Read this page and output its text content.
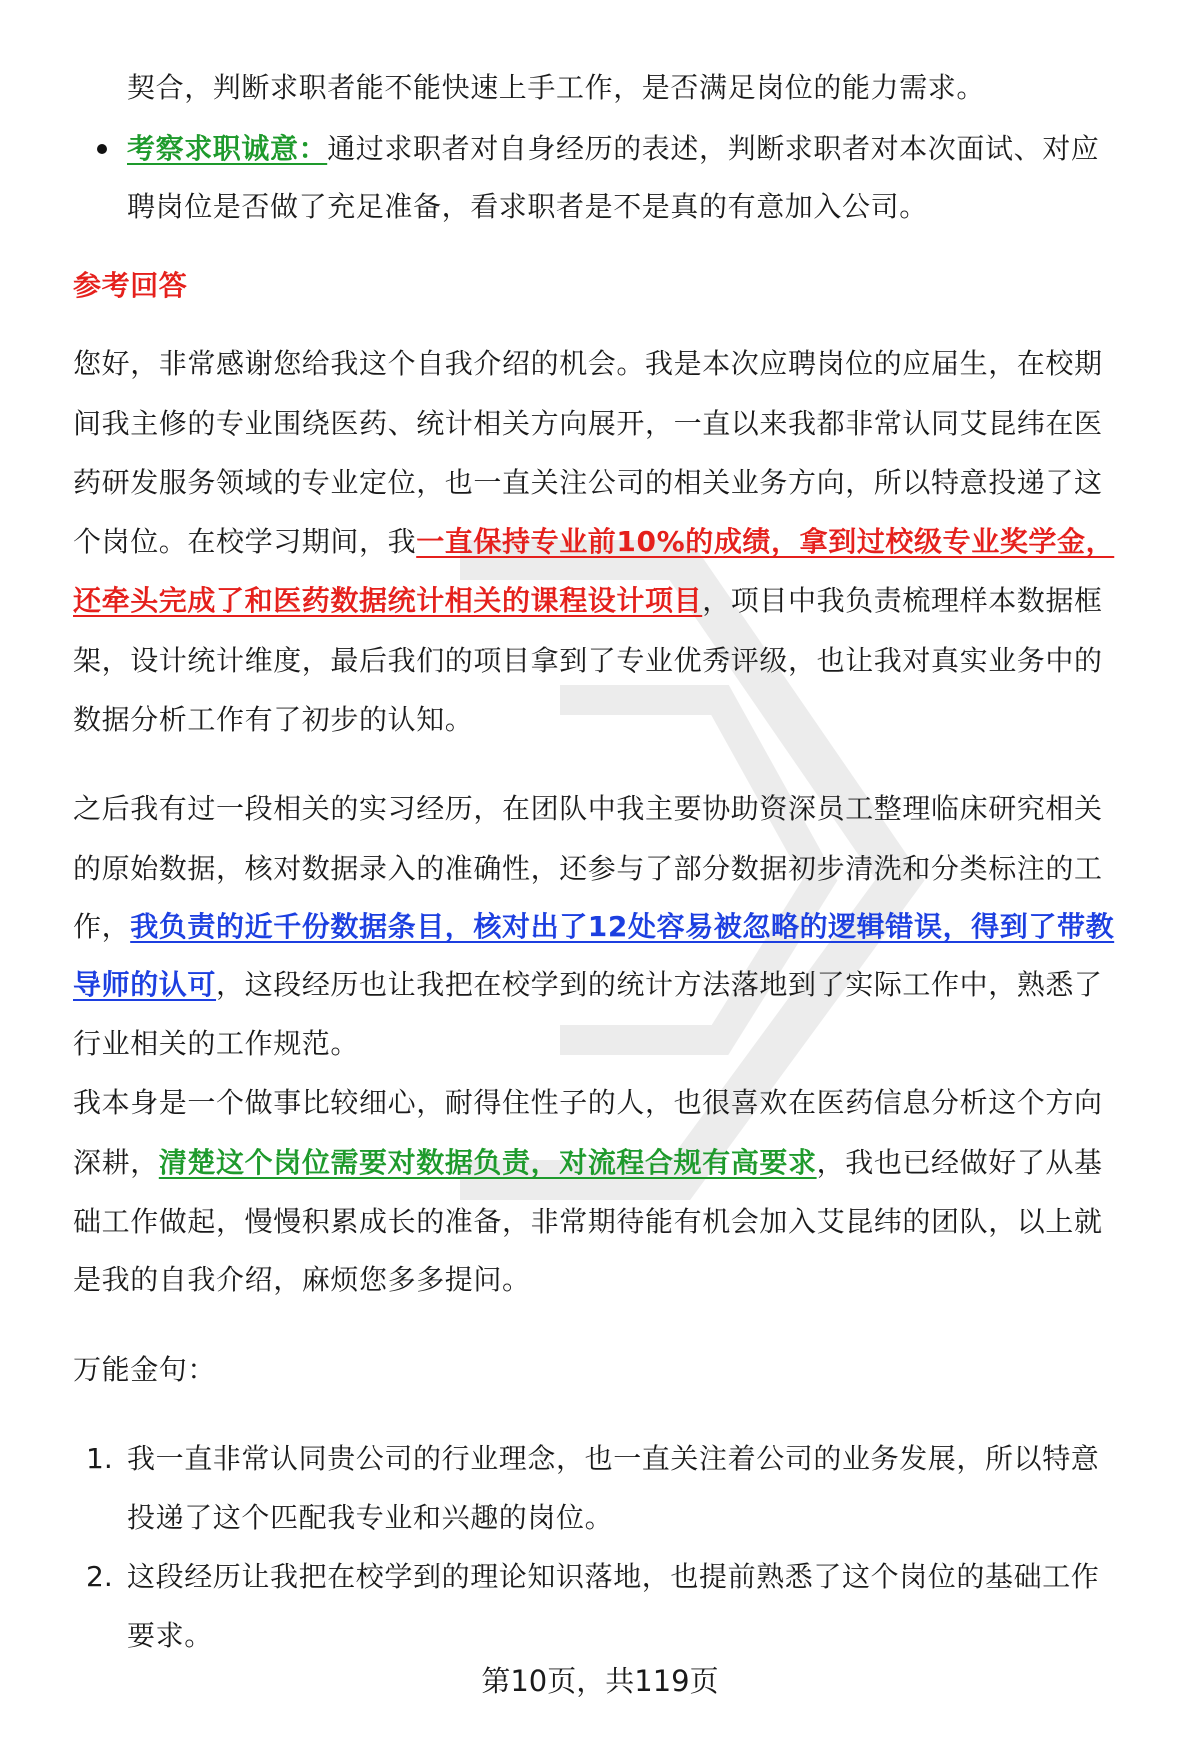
契合，判断求职者能不能快速上手工作，是否满足岗位的能力需求。
考察求职诚意：通过求职者对自身经历的表述，判断求职者对本次面试、对应
聘岗位是否做了充足准备，看求职者是不是真的有意加入公司。
参考回答
您好，非常感谢您给我这个自我介绍的机会。我是本次应聘岗位的应届生，在校期
间我主修的专业围绕医药、统计相关方向展开，一直以来我都非常认同艾昆纬在医
药研发服务领域的专业定位，也一直关注公司的相关业务方向，所以特意投递了这
个岗位。在校学习期间，我一直保持专业前10%的成绩，拿到过校级专业奖学金，
还牵头完成了和医药数据统计相关的课程设计项目，项目中我负责梳理样本数据框
架，设计统计维度，最后我们的项目拿到了专业优秀评级，也让我对真实业务中的
数据分析工作有了初步的认知。
之后我有过一段相关的实习经历，在团队中我主要协助资深员工整理临床研究相关
的原始数据，核对数据录入的准确性，还参与了部分数据初步清洗和分类标注的工
作，我负责的近千份数据条目，核对出了12处容易被忽略的逻辑错误，得到了带教
导师的认可，这段经历也让我把在校学到的统计方法落地到了实际工作中，熟悉了
行业相关的工作规范。
我本身是一个做事比较细心，耐得住性子的人，也很喜欢在医药信息分析这个方向
深耕，清楚这个岗位需要对数据负责，对流程合规有高要求，我也已经做好了从基
础工作做起，慢慢积累成长的准备，非常期待能有机会加入艾昆纬的团队，以上就
是我的自我介绍，麻烦您多多提问。
万能金句：
1. 我一直非常认同贵公司的行业理念，也一直关注着公司的业务发展，所以特意
投递了这个匹配我专业和兴趣的岗位。
2. 这段经历让我把在校学到的理论知识落地，也提前熟悉了这个岗位的基础工作
要求。
第10页，共119页
